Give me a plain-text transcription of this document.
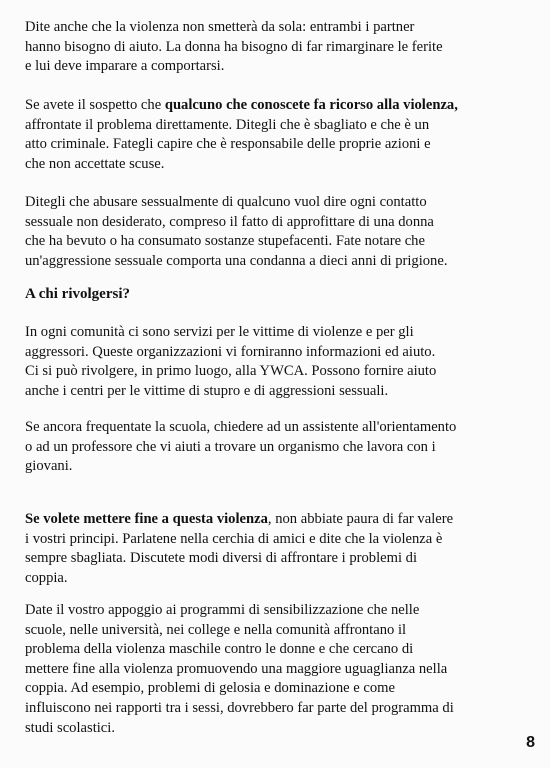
Dite anche che la violenza non smetterà da sola: entrambi i partner
hanno bisogno di aiuto. La donna ha bisogno di far rimarginare le ferite
e lui deve imparare a comportarsi.

Se avete il sospetto che qualcuno che conoscete fa ricorso alla violenza,
affrontate il problema direttamente. Ditegli che è sbagliato e che è un
atto criminale. Fategli capire che è responsabile delle proprie azioni e
che non accettate scuse.

Ditegli che abusare sessualmente di qualcuno vuol dire ogni contatto
sessuale non desiderato, compreso il fatto di approfittare di una donna
che ha bevuto o ha consumato sostanze stupefacenti. Fate notare che
un'aggressione sessuale comporta una condanna a dieci anni di prigione.

A chi rivolgersi?

In ogni comunità ci sono servizi per le vittime di violenze e per gli
aggressori. Queste organizzazioni vi forniranno informazioni ed aiuto.
Ci si può rivolgere, in primo luogo, alla YWCA. Possono fornire aiuto
anche i centri per le vittime di stupro e di aggressioni sessuali.

Se ancora frequentate la scuola, chiedere ad un assistente all'orientamento
o ad un professore che vi aiuti a trovare un organismo che lavora con i
giovani.

Se volete mettere fine a questa violenza, non abbiate paura di far valere
i vostri principi. Parlatene nella cerchia di amici e dite che la violenza è
sempre sbagliata. Discutete modi diversi di affrontare i problemi di
coppia.

Date il vostro appoggio ai programmi di sensibilizzazione che nelle
scuole, nelle università, nei college e nella comunità affrontano il
problema della violenza maschile contro le donne e che cercano di
mettere fine alla violenza promuovendo una maggiore uguaglianza nella
coppia. Ad esempio, problemi di gelosia e dominazione e come
influiscono nei rapporti tra i sessi, dovrebbero far parte del programma di
studi scolastici.

8
